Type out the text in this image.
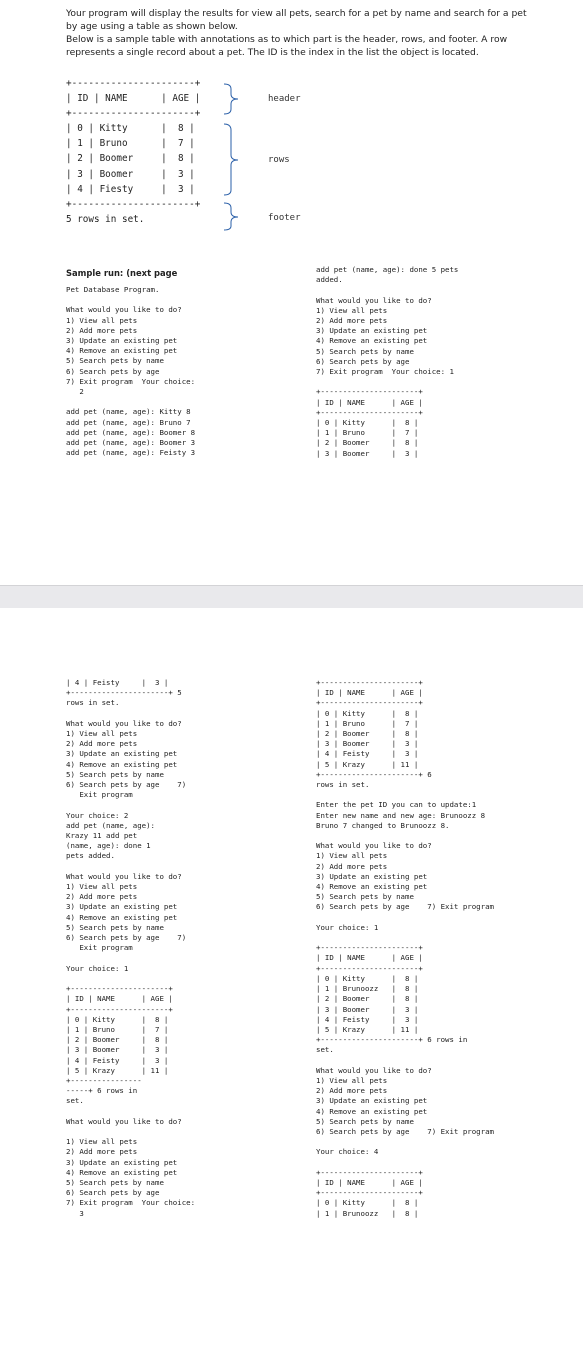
Your program will display the results for view all pets, search for a pet by name and search for a pet by age using a table as shown below.

Below is a sample table with annotations as to which part is the header, rows, and footer. A row represents a single record about a pet. The ID is the index in the list the object is located.

+----------------------+
| ID | NAME      | AGE |
+----------------------+
| 0 | Kitty      |  8 |
| 1 | Bruno      |  7 |
| 2 | Boomer     |  8 |
| 3 | Boomer     |  3 |
| 4 | Fiesty     |  3 |
+----------------------+
5 rows in set.
header
rows
footer
Sample run: (next page
Pet Database Program.

What would you like to do?
1) View all pets
2) Add more pets
3) Update an existing pet
4) Remove an existing pet
5) Search pets by name
6) Search pets by age
7) Exit program  Your choice:
2

add pet (name, age): Kitty 8
add pet (name, age): Bruno 7
add pet (name, age): Boomer 8
add pet (name, age): Boomer 3
add pet (name, age): Feisty 3
add pet (name, age): done 5 pets
added.

What would you like to do?
1) View all pets
2) Add more pets
3) Update an existing pet
4) Remove an existing pet
5) Search pets by name
6) Search pets by age
7) Exit program  Your choice: 1

+----------------------+
| ID | NAME      | AGE |
+----------------------+
| 0 | Kitty      |  8 |
| 1 | Bruno      |  7 |
| 2 | Boomer     |  8 |
| 3 | Boomer     |  3 |
| 4 | Feisty     |  3 |
+----------------------+ 5
rows in set.

What would you like to do?
1) View all pets
2) Add more pets
3) Update an existing pet
4) Remove an existing pet
5) Search pets by name
6) Search pets by age    7)
Exit program

Your choice: 2
add pet (name, age):
Krazy 11 add pet
(name, age): done 1
pets added.

What would you like to do?
1) View all pets
2) Add more pets
3) Update an existing pet
4) Remove an existing pet
5) Search pets by name
6) Search pets by age    7)
Exit program

Your choice: 1

+----------------------+
| ID | NAME      | AGE |
+----------------------+
| 0 | Kitty      |  8 |
| 1 | Bruno      |  7 |
| 2 | Boomer     |  8 |
| 3 | Boomer     |  3 |
| 4 | Feisty     |  3 |
| 5 | Krazy      | 11 |
+----------------
-----+ 6 rows in
set.

What would you like to do?

1) View all pets
2) Add more pets
3) Update an existing pet
4) Remove an existing pet
5) Search pets by name
6) Search pets by age
7) Exit program  Your choice:
3
+----------------------+
| ID | NAME      | AGE |
+----------------------+
| 0 | Kitty      |  8 |
| 1 | Bruno      |  7 |
| 2 | Boomer     |  8 |
| 3 | Boomer     |  3 |
| 4 | Feisty     |  3 |
| 5 | Krazy      | 11 |
+----------------------+ 6
rows in set.

Enter the pet ID you can to update:1
Enter new name and new age: Brunoozz 8
Bruno 7 changed to Brunoozz 8.

What would you like to do?
1) View all pets
2) Add more pets
3) Update an existing pet
4) Remove an existing pet
5) Search pets by name
6) Search pets by age    7) Exit program

Your choice: 1

+----------------------+
| ID | NAME      | AGE |
+----------------------+
| 0 | Kitty      |  8 |
| 1 | Brunoozz   |  8 |
| 2 | Boomer     |  8 |
| 3 | Boomer     |  3 |
| 4 | Feisty     |  3 |
| 5 | Krazy      | 11 |
+----------------------+ 6 rows in
set.

What would you like to do?
1) View all pets
2) Add more pets
3) Update an existing pet
4) Remove an existing pet
5) Search pets by name
6) Search pets by age    7) Exit program

Your choice: 4

+----------------------+
| ID | NAME      | AGE |
+----------------------+
| 0 | Kitty      |  8 |
| 1 | Brunoozz   |  8 |
